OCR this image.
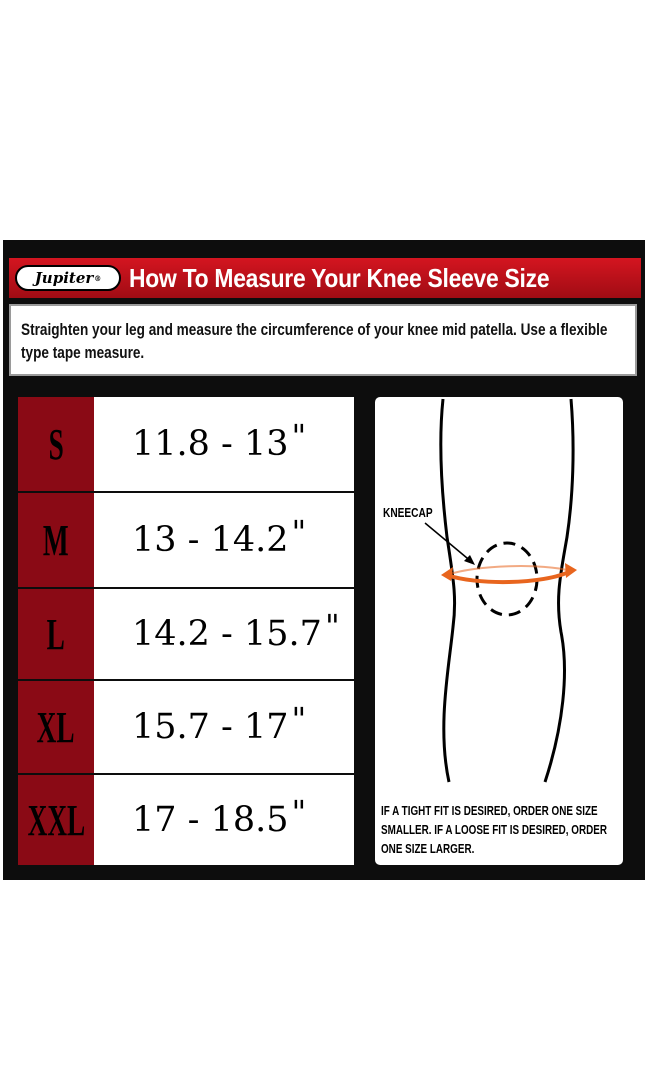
Jupiter ® How To Measure Your Knee Sleeve Size
Straighten your leg and measure the circumference of your knee mid patella. Use a flexible type tape measure.
S 11.8 - 13 "
M 13 - 14.2 "
L 14.2 - 15.7 "
XL 15.7 - 17 "
XXL 17 - 18.5 "
KNEECAP
IF A TIGHT FIT IS DESIRED, ORDER ONE SIZE SMALLER. IF A LOOSE FIT IS DESIRED, ORDER ONE SIZE LARGER.
